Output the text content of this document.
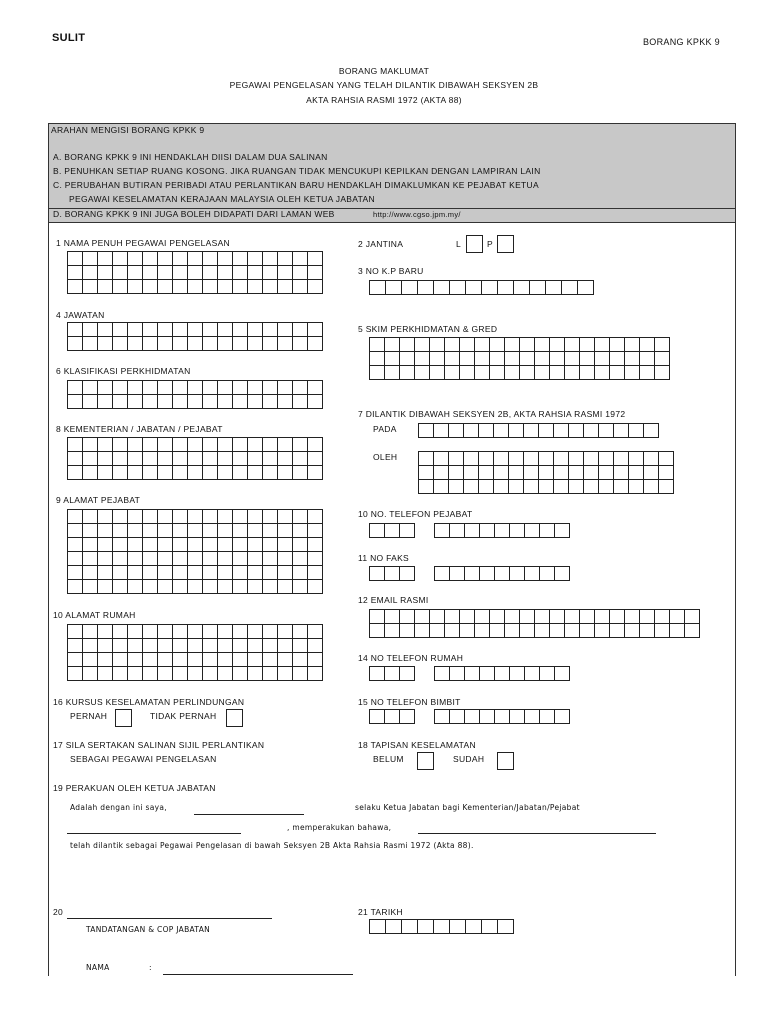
SULIT	BORANG KPKK 9
BORANG MAKLUMAT
PEGAWAI PENGELASAN YANG TELAH DILANTIK DIBAWAH SEKSYEN 2B
AKTA RAHSIA RASMI 1972 (AKTA 88)
ARAHAN MENGISI BORANG KPKK 9
A. BORANG KPKK 9 INI HENDAKLAH DIISI DALAM DUA SALINAN
B. PENUHKAN SETIAP RUANG KOSONG. JIKA RUANGAN TIDAK MENCUKUPI KEPILKAN DENGAN LAMPIRAN LAIN
C. PERUBAHAN BUTIRAN PERIBADI ATAU PERLANTIKAN BARU HENDAKLAH DIMAKLUMKAN KE PEJABAT KETUA
PEGAWAI KESELAMATAN KERAJAAN MALAYSIA OLEH KETUA JABATAN
D. BORANG KPKK 9 INI JUGA BOLEH DIDAPATI DARI LAMAN WEB	http://www.cgso.jpm.my/
1 NAMA PENUH PEGAWAI PENGELASAN	2 JANTINA	L	P
3 NO K.P BARU
4 JAWATAN
5 SKIM PERKHIDMATAN & GRED
6 KLASIFIKASI PERKHIDMATAN
7 DILANTIK DIBAWAH SEKSYEN 2B, AKTA RAHSIA RASMI 1972
PADA
OLEH
8 KEMENTERIAN / JABATAN / PEJABAT
9 ALAMAT PEJABAT
10 NO. TELEFON PEJABAT
11 NO FAKS
12 EMAIL RASMI
10 ALAMAT RUMAH
14 NO TELEFON RUMAH
16 KURSUS KESELAMATAN PERLINDUNGAN
PERNAH	TIDAK PERNAH
15 NO TELEFON BIMBIT
17 SILA SERTAKAN SALINAN SIJIL PERLANTIKAN
SEBAGAI PEGAWAI PENGELASAN
18 TAPISAN KESELAMATAN
BELUM	SUDAH
19 PERAKUAN OLEH KETUA JABATAN
Adalah dengan ini saya,	selaku Ketua Jabatan bagi Kementerian/Jabatan/Pejabat
, memperakukan bahawa,
telah dilantik sebagai Pegawai Pengelasan di bawah Seksyen 2B Akta Rahsia Rasmi 1972 (Akta 88).
20
TANDATANGAN & COP JABATAN
21 TARIKH
NAMA	:
